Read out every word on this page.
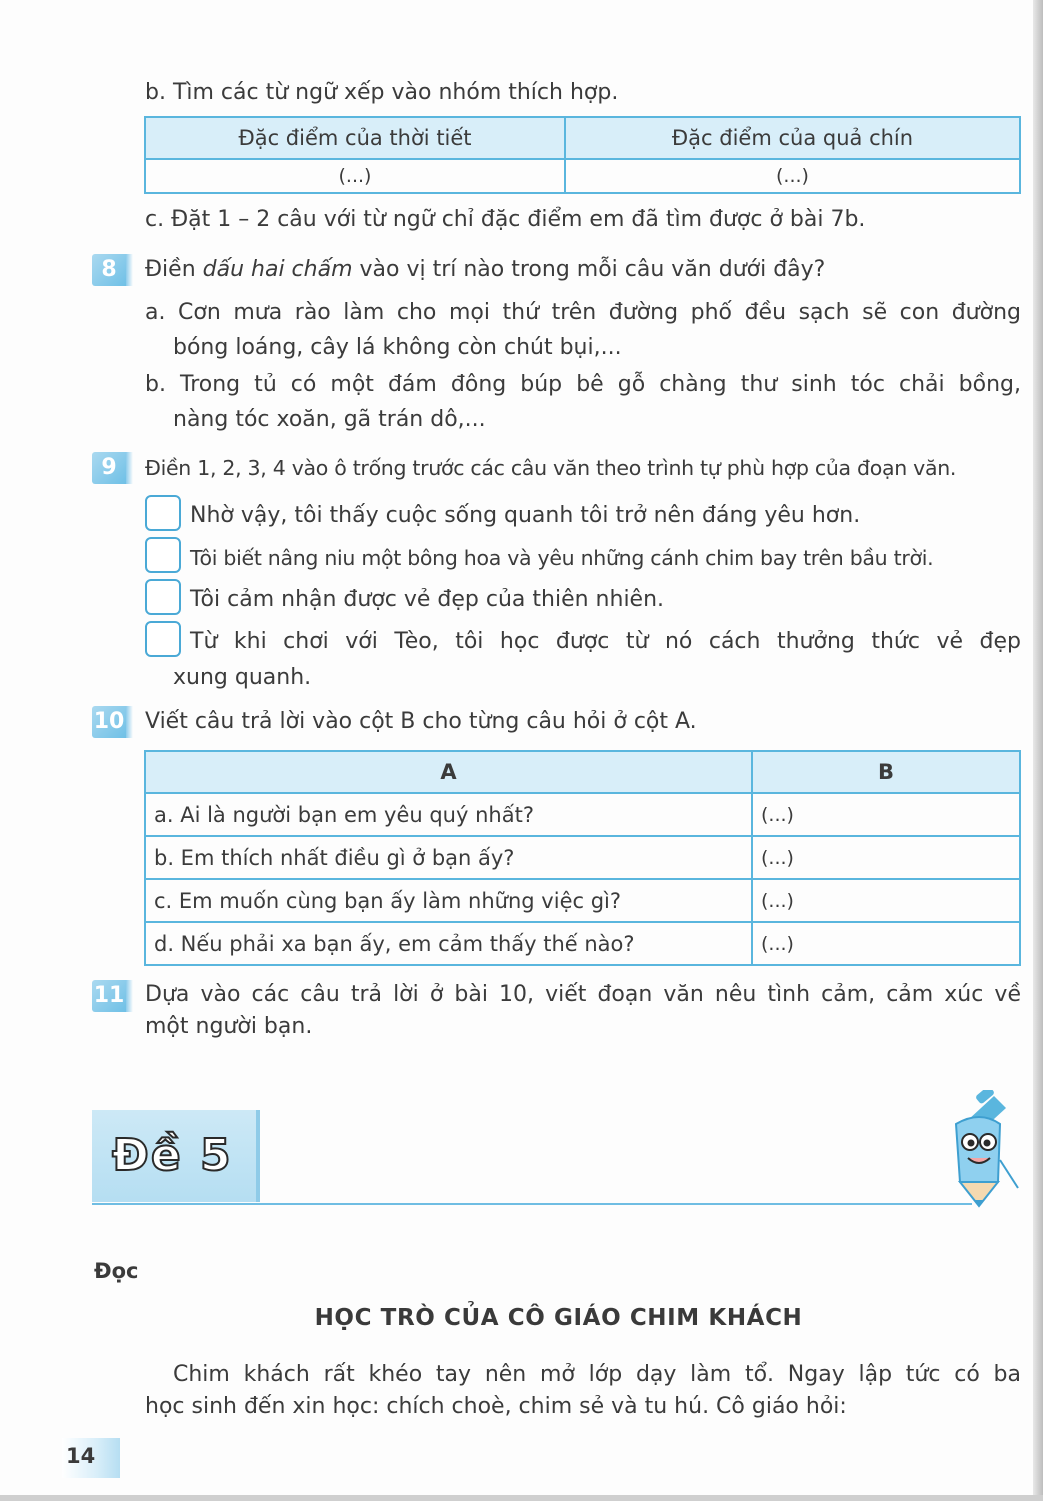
b. Tìm các từ ngữ xếp vào nhóm thích hợp.
Đặc điểm của thời tiết	Đặc điểm của quả chín
(...)	(...)
c. Đặt 1 – 2 câu với từ ngữ chỉ đặc điểm em đã tìm được ở bài 7b.
8	Điền dấu hai chấm vào vị trí nào trong mỗi câu văn dưới đây?
a. Cơn mưa rào làm cho mọi thứ trên đường phố đều sạch sẽ con đường
bóng loáng, cây lá không còn chút bụi,...
b. Trong tủ có một đám đông búp bê gỗ chàng thư sinh tóc chải bồng,
nàng tóc xoăn, gã trán dô,...
9	Điền 1, 2, 3, 4 vào ô trống trước các câu văn theo trình tự phù hợp của đoạn văn.
Nhờ vậy, tôi thấy cuộc sống quanh tôi trở nên đáng yêu hơn.
Tôi biết nâng niu một bông hoa và yêu những cánh chim bay trên bầu trời.
Tôi cảm nhận được vẻ đẹp của thiên nhiên.
Từ khi chơi với Tèo, tôi học được từ nó cách thưởng thức vẻ đẹp
xung quanh.
10 Viết câu trả lời vào cột B cho từng câu hỏi ở cột A.
A	B
a. Ai là người bạn em yêu quý nhất?	(...)
b. Em thích nhất điều gì ở bạn ấy?	(...)
c. Em muốn cùng bạn ấy làm những việc gì?	(...)
d. Nếu phải xa bạn ấy, em cảm thấy thế nào?	(...)
11 Dựa vào các câu trả lời ở bài 10, viết đoạn văn nêu tình cảm, cảm xúc về
một người bạn.
Đề 5
Đọc
HỌC TRÒ CỦA CÔ GIÁO CHIM KHÁCH
Chim khách rất khéo tay nên mở lớp dạy làm tổ. Ngay lập tức có ba
học sinh đến xin học: chích choè, chim sẻ và tu hú. Cô giáo hỏi:
14
